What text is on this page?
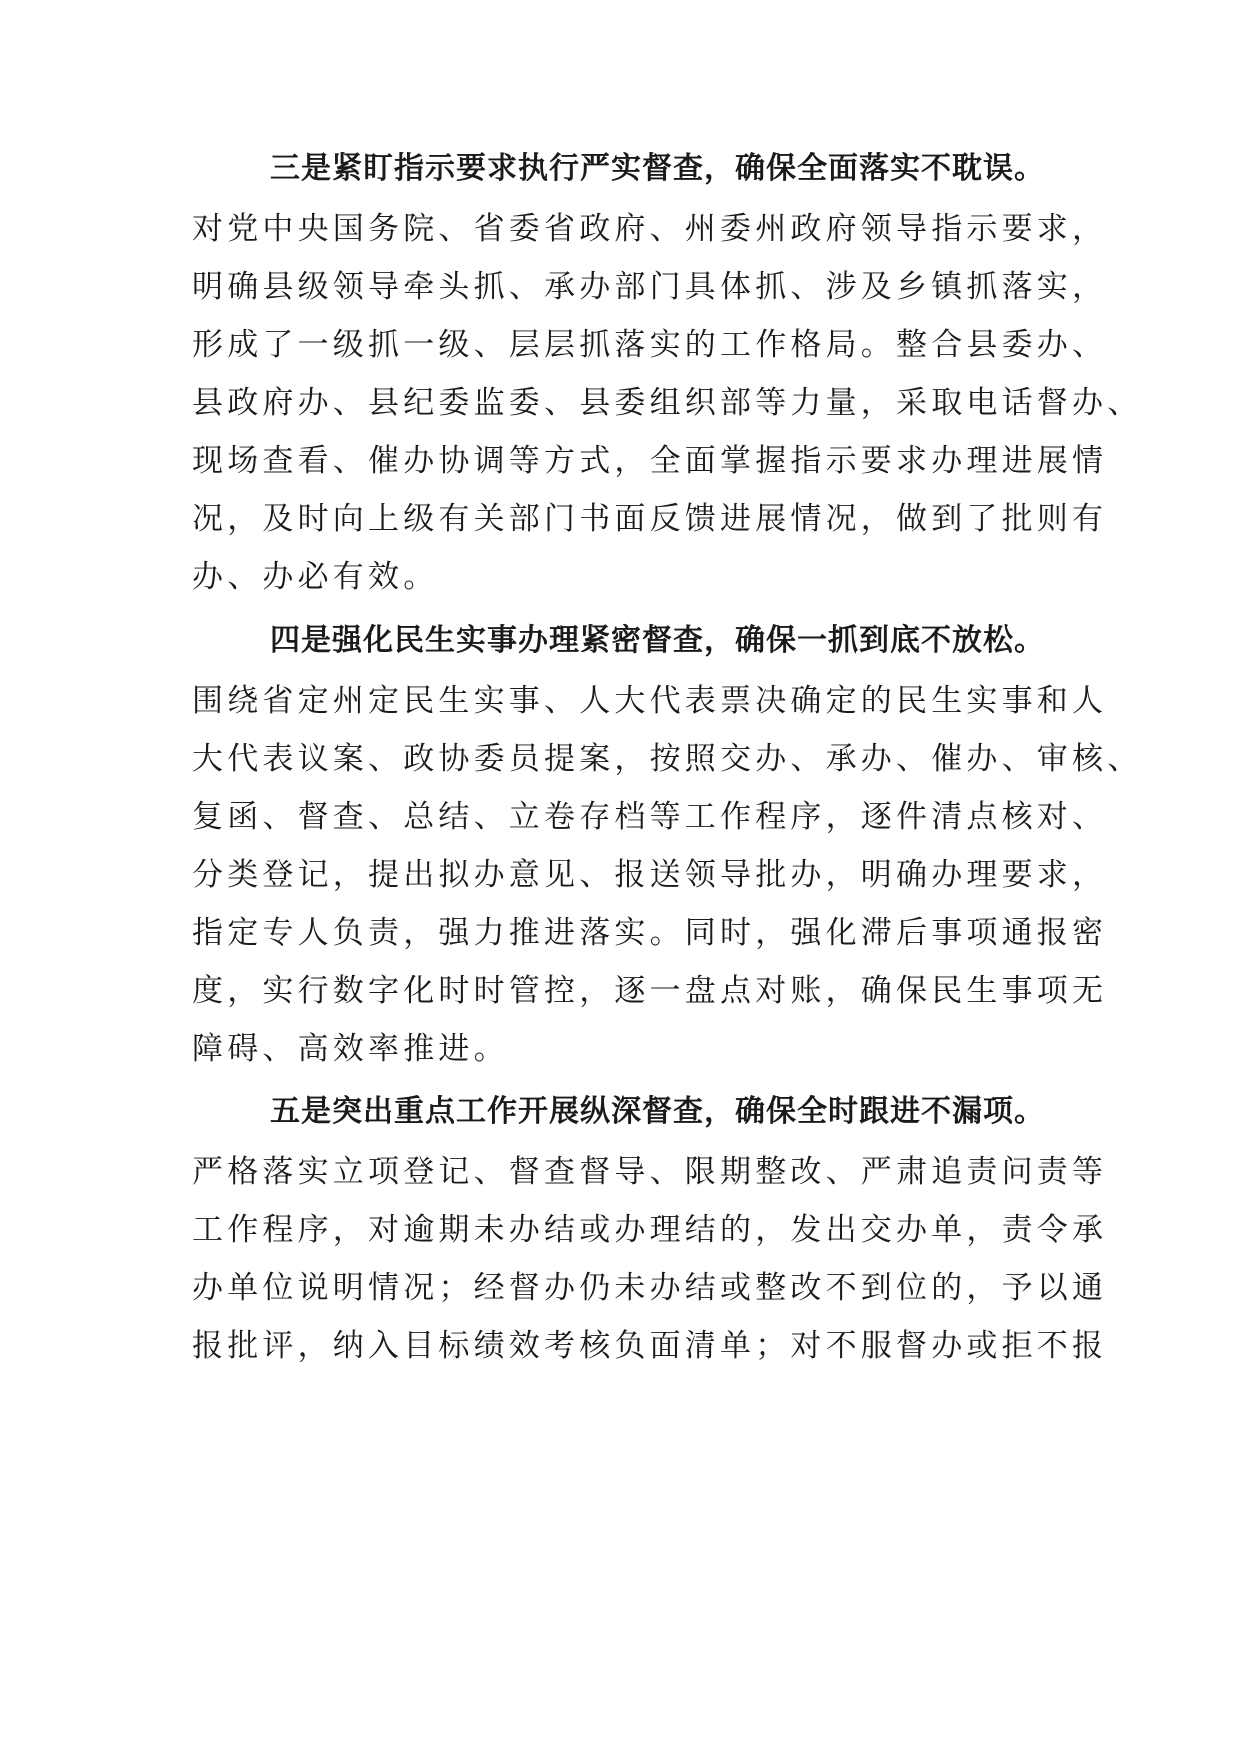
三是紧盯指示要求执行严实督查，确保全面落实不耽误。
对党中央国务院、省委省政府、州委州政府领导指示要求，
明确县级领导牵头抓、承办部门具体抓、涉及乡镇抓落实，
形成了一级抓一级、层层抓落实的工作格局。整合县委办、
县政府办、县纪委监委、县委组织部等力量，采取电话督办、
现场查看、催办协调等方式，全面掌握指示要求办理进展情
况，及时向上级有关部门书面反馈进展情况，做到了批则有
办、办必有效。
四是强化民生实事办理紧密督查，确保一抓到底不放松。
围绕省定州定民生实事、人大代表票决确定的民生实事和人
大代表议案、政协委员提案，按照交办、承办、催办、审核、
复函、督查、总结、立卷存档等工作程序，逐件清点核对、
分类登记，提出拟办意见、报送领导批办，明确办理要求，
指定专人负责，强力推进落实。同时，强化滞后事项通报密
度，实行数字化时时管控，逐一盘点对账，确保民生事项无
障碍、高效率推进。
五是突出重点工作开展纵深督查，确保全时跟进不漏项。
严格落实立项登记、督查督导、限期整改、严肃追责问责等
工作程序，对逾期未办结或办理结的，发出交办单，责令承
办单位说明情况；经督办仍未办结或整改不到位的，予以通
报批评，纳入目标绩效考核负面清单；对不服督办或拒不报
